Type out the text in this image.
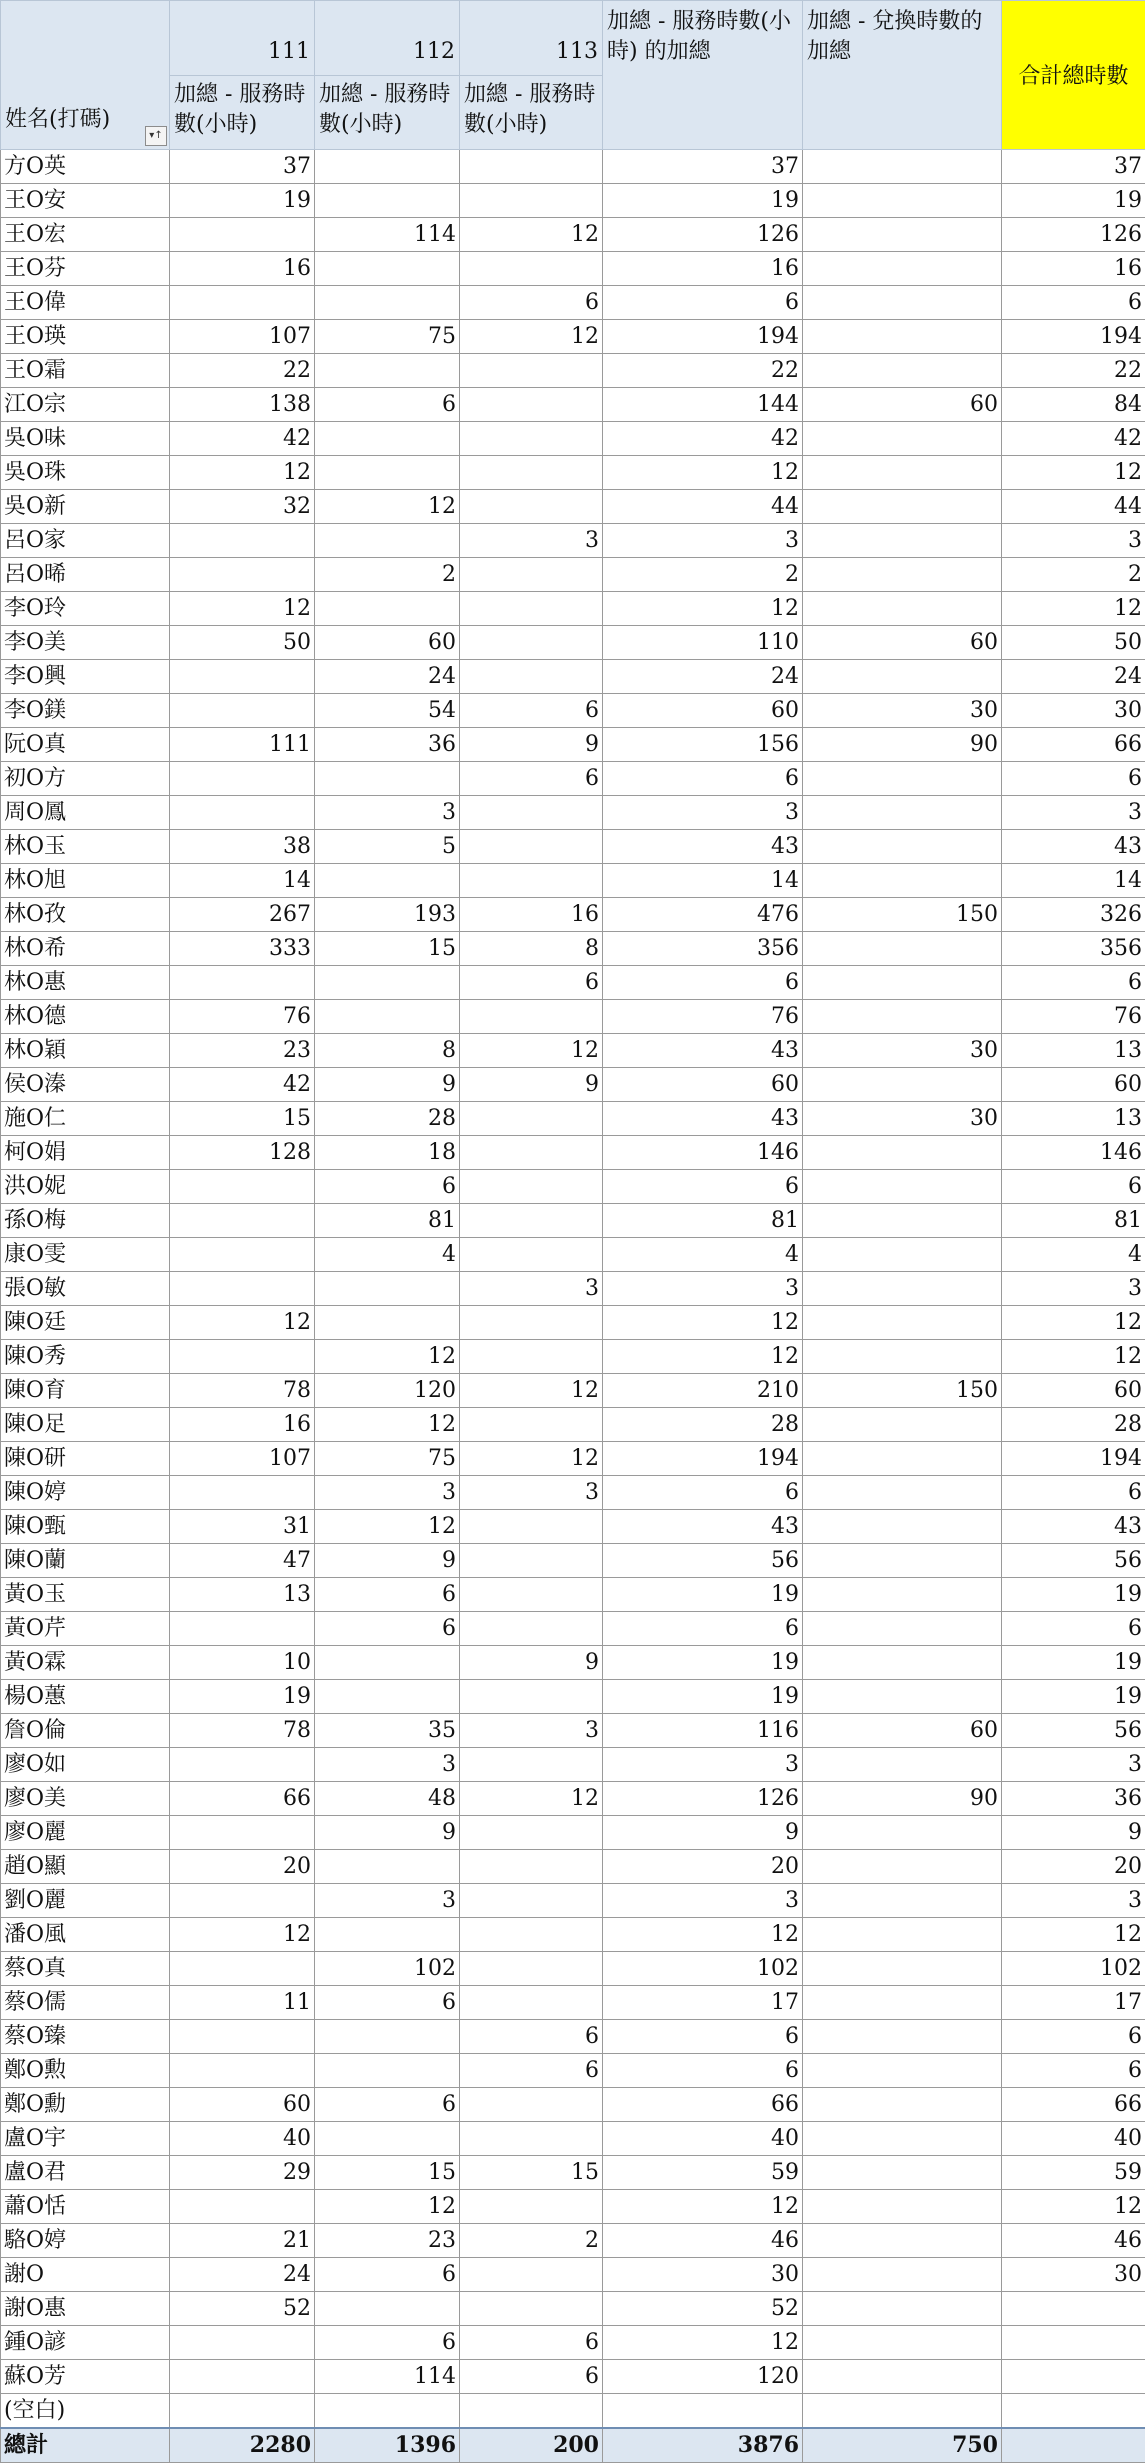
姓名(打碼)
▾↑	111	112	113	加總 - 服務時數(小時) 的加總	加總 - 兌換時數的加總	合計總時數
	加總 - 服務時數(小時)	加總 - 服務時數(小時)	加總 - 服務時數(小時)			
方O英	37			37		37
王O安	19			19		19
王O宏		114	12	126		126
王O芬	16			16		16
王O偉			6	6		6
王O瑛	107	75	12	194		194
王O霜	22			22		22
江O宗	138	6		144	60	84
吳O味	42			42		42
吳O珠	12			12		12
吳O新	32	12		44		44
呂O家			3	3		3
呂O晞		2		2		2
李O玲	12			12		12
李O美	50	60		110	60	50
李O興		24		24		24
李O鎂		54	6	60	30	30
阮O真	111	36	9	156	90	66
初O方			6	6		6
周O鳳		3		3		3
林O玉	38	5		43		43
林O旭	14			14		14
林O孜	267	193	16	476	150	326
林O希	333	15	8	356		356
林O惠			6	6		6
林O德	76			76		76
林O穎	23	8	12	43	30	13
侯O溱	42	9	9	60		60
施O仁	15	28		43	30	13
柯O娟	128	18		146		146
洪O妮		6		6		6
孫O梅		81		81		81
康O雯		4		4		4
張O敏			3	3		3
陳O廷	12			12		12
陳O秀		12		12		12
陳O育	78	120	12	210	150	60
陳O足	16	12		28		28
陳O研	107	75	12	194		194
陳O婷		3	3	6		6
陳O甄	31	12		43		43
陳O蘭	47	9		56		56
黃O玉	13	6		19		19
黃O芹		6		6		6
黃O霖	10		9	19		19
楊O蕙	19			19		19
詹O倫	78	35	3	116	60	56
廖O如		3		3		3
廖O美	66	48	12	126	90	36
廖O麗		9		9		9
趙O顯	20			20		20
劉O麗		3		3		3
潘O風	12			12		12
蔡O真		102		102		102
蔡O儒	11	6		17		17
蔡O臻			6	6		6
鄭O勲			6	6		6
鄭O勳	60	6		66		66
盧O宇	40			40		40
盧O君	29	15	15	59		59
蕭O恬		12		12		12
駱O婷	21	23	2	46		46
謝O	24	6		30		30
謝O惠	52			52		
鍾O諺		6	6	12		
蘇O芳		114	6	120		
(空白)						
總計	2280	1396	200	3876	750	
